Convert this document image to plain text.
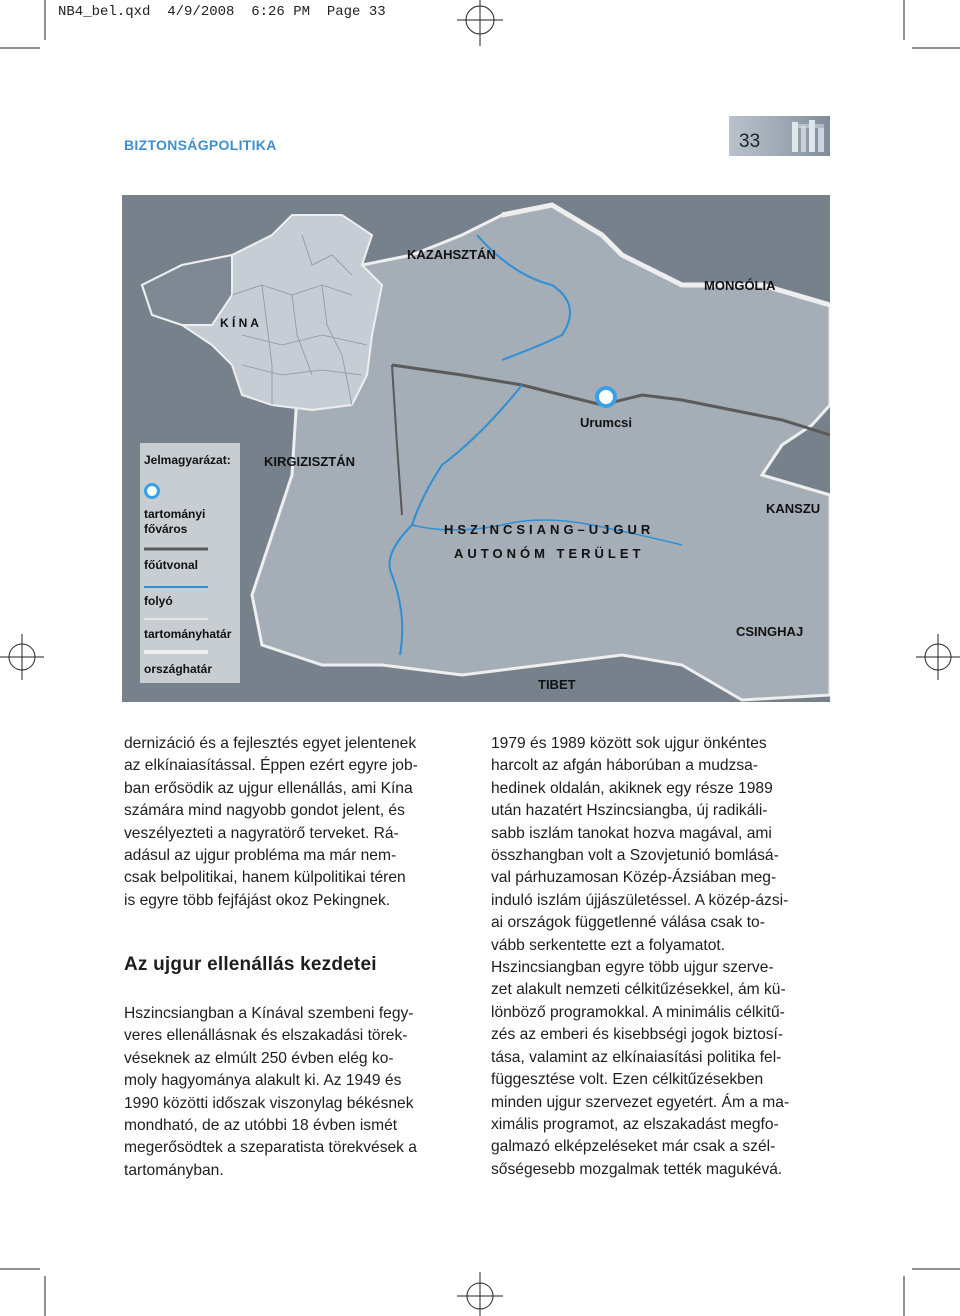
NB4_bel.qxd  4/9/2008  6:26 PM  Page 33
BIZTONSÁGPOLITIKA	33
K Í N A
Jelmagyarázat:
tartományi
főváros
főútvonal
folyó
tartományhatár
országhatár
Urumcsi
KAZAHSZTÁN
MONGÓLIA
KIRGIZISZTÁN
KANSZU
CSINGHAJ
TIBET
HSZINCSIANG–UJGUR
AUTONÓM TERÜLET
dernizáció és a fejlesztés egyet jelentenek
az elkínaiasítással. Éppen ezért egyre job-
ban erősödik az ujgur ellenállás, ami Kína
számára mind nagyobb gondot jelent, és
veszélyezteti a nagyratörő terveket. Rá-
adásul az ujgur probléma ma már nem-
csak belpolitikai, hanem külpolitikai téren
is egyre több fejfájást okoz Pekingnek.
Az ujgur ellenállás kezdetei
Hszincsiangban a Kínával szembeni fegy-
veres ellenállásnak és elszakadási törek-
véseknek az elmúlt 250 évben elég ko-
moly hagyománya alakult ki. Az 1949 és
1990 közötti időszak viszonylag békésnek
mondható, de az utóbbi 18 évben ismét
megerősödtek a szeparatista törekvések a
tartományban.
1979 és 1989 között sok ujgur önkéntes
harcolt az afgán háborúban a mudzsa-
hedinek oldalán, akiknek egy része 1989
után hazatért Hszincsiangba, új radikáli-
sabb iszlám tanokat hozva magával, ami
összhangban volt a Szovjetunió bomlásá-
val párhuzamosan Közép-Ázsiában meg-
induló iszlám újjászületéssel. A közép-ázsi-
ai országok függetlenné válása csak to-
vább serkentette ezt a folyamatot.
Hszincsiangban egyre több ujgur szerve-
zet alakult nemzeti célkitűzésekkel, ám kü-
lönböző programokkal. A minimális célkitű-
zés az emberi és kisebbségi jogok biztosí-
tása, valamint az elkínaiasítási politika fel-
függesztése volt. Ezen célkitűzésekben
minden ujgur szervezet egyetért. Ám a ma-
ximális programot, az elszakadást megfo-
galmazó elképzeléseket már csak a szél-
sőségesebb mozgalmak tették magukévá.
